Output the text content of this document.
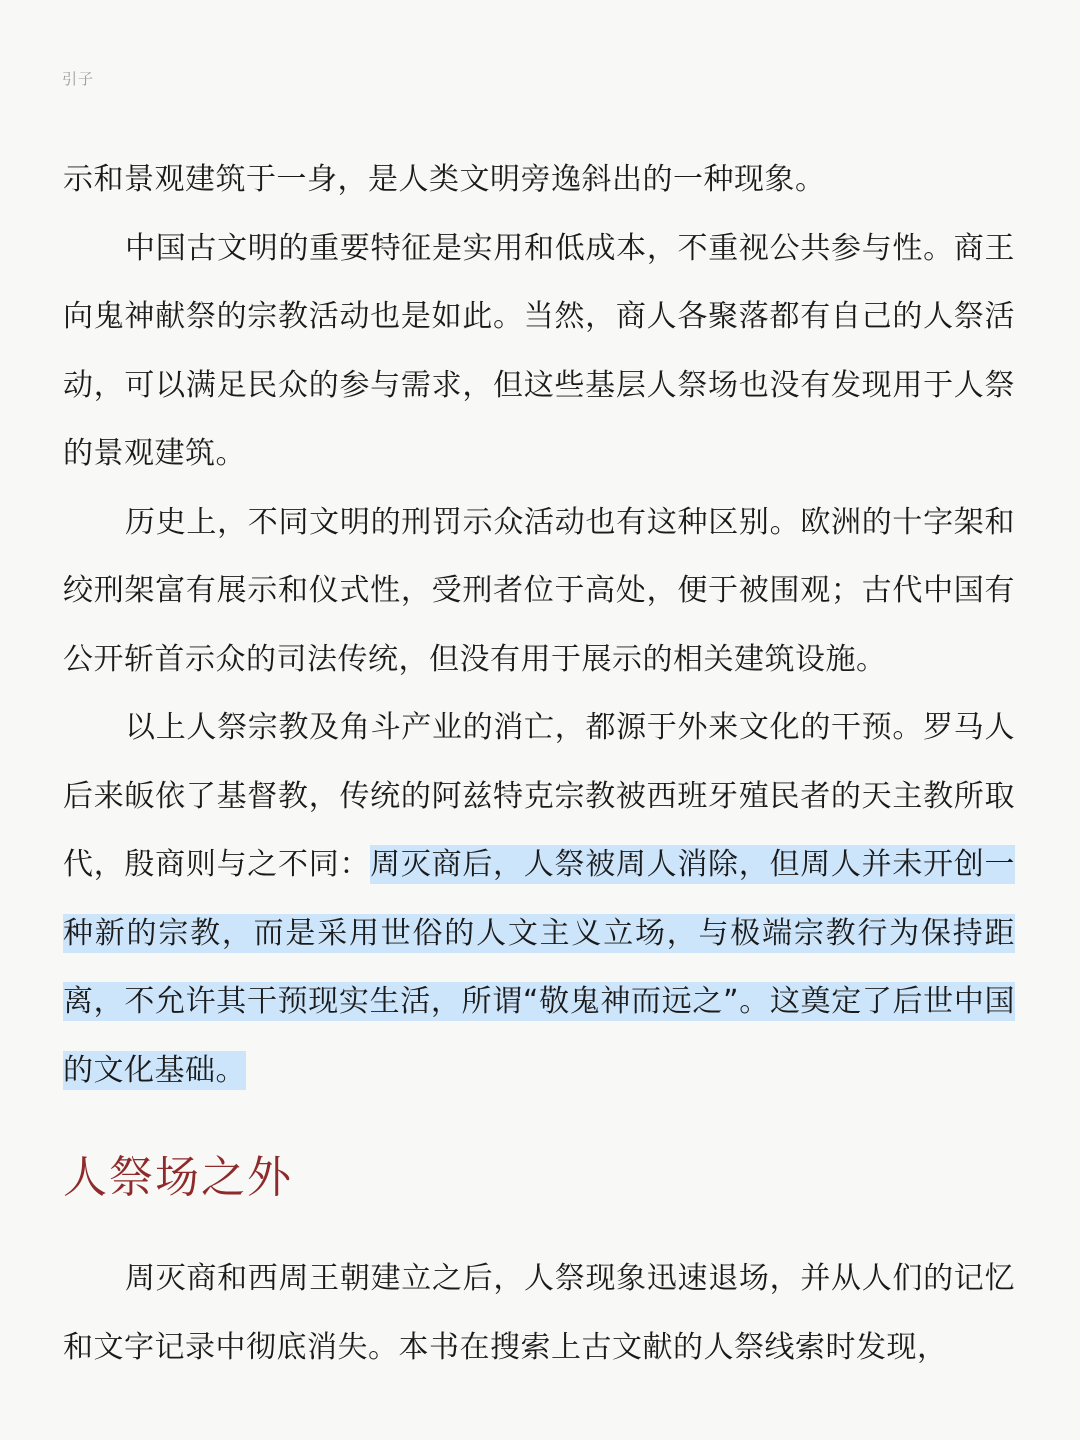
引子

示和景观建筑于一身，是人类文明旁逸斜出的一种现象。

中国古文明的重要特征是实用和低成本，不重视公共参与性。商王向鬼神献祭的宗教活动也是如此。当然，商人各聚落都有自己的人祭活动，可以满足民众的参与需求，但这些基层人祭场也没有发现用于人祭的景观建筑。

历史上，不同文明的刑罚示众活动也有这种区别。欧洲的十字架和绞刑架富有展示和仪式性，受刑者位于高处，便于被围观；古代中国有公开斩首示众的司法传统，但没有用于展示的相关建筑设施。

以上人祭宗教及角斗产业的消亡，都源于外来文化的干预。罗马人后来皈依了基督教，传统的阿兹特克宗教被西班牙殖民者的天主教所取代，殷商则与之不同：周灭商后，人祭被周人消除，但周人并未开创一种新的宗教，而是采用世俗的人文主义立场，与极端宗教行为保持距离，不允许其干预现实生活，所谓“敬鬼神而远之”。这奠定了后世中国的文化基础。

人祭场之外

周灭商和西周王朝建立之后，人祭现象迅速退场，并从人们的记忆和文字记录中彻底消失。本书在搜索上古文献的人祭线索时发现，
